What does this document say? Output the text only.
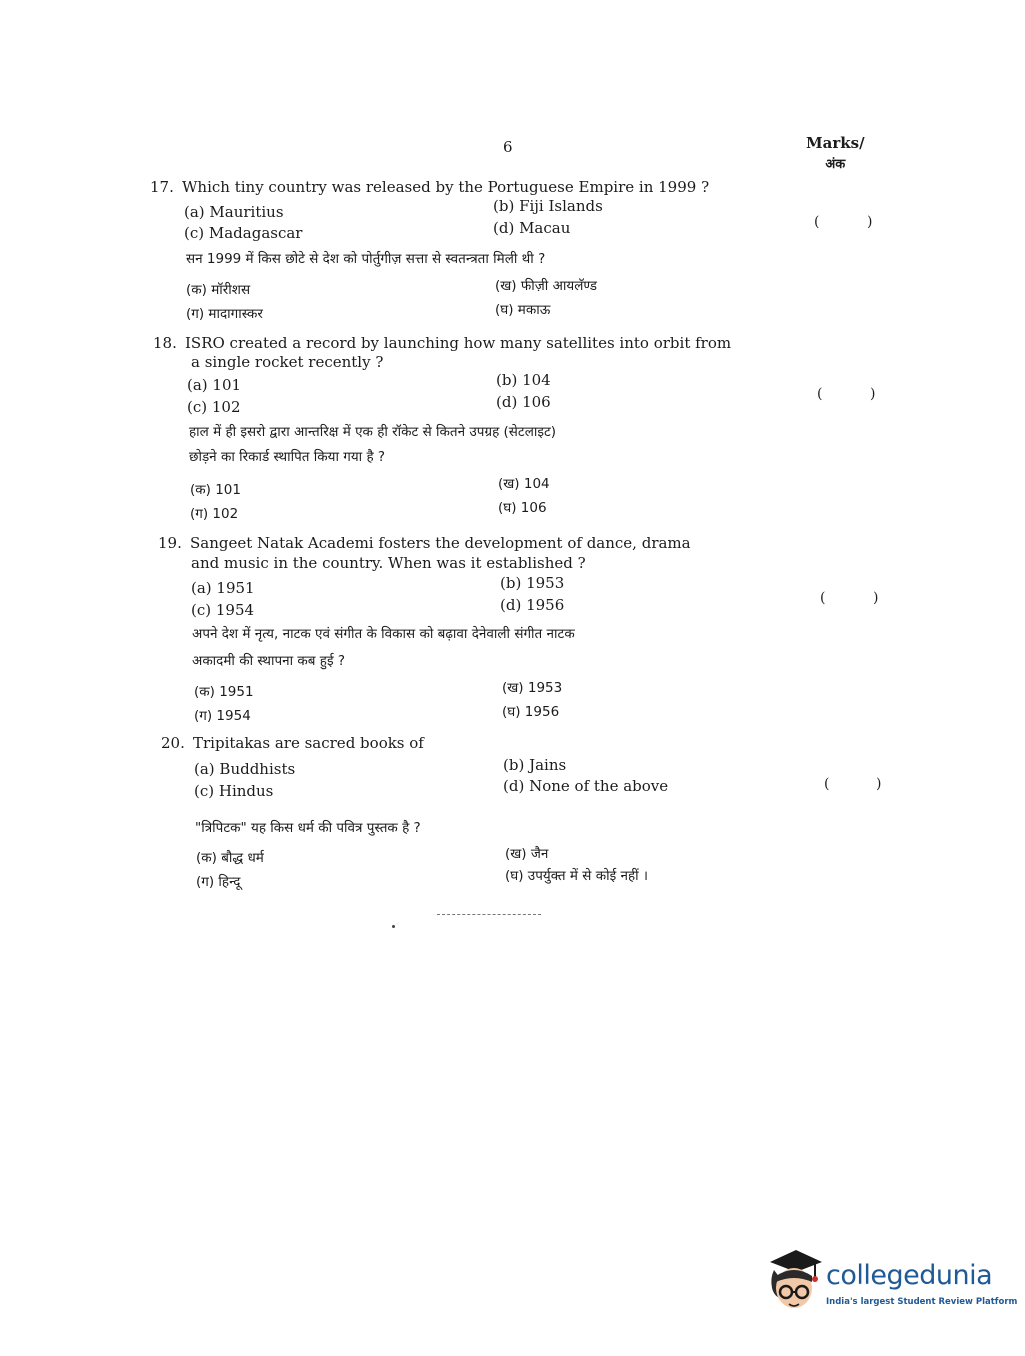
6	Marks/
अंक
17. Which tiny country was released by the Portuguese Empire in 1999 ?
(a) Mauritius	(b) Fiji Islands
(c) Madagascar	(d) Macau
सन 1999 में किस छोटे से देश को पोर्तुगीज़ सत्ता से स्वतन्त्रता मिली थी ?
(क) मॉरीशस	(ख) फीज़ी आयलॅण्ड
(ग) मादागास्कर	(घ) मकाऊ
(	)
18. ISRO created a record by launching how many satellites into orbit from
a single rocket recently ?
(a) 101	(b) 104
(c) 102	(d) 106
हाल में ही इसरो द्वारा आन्तरिक्ष में एक ही रॉकेट से कितने उपग्रह (सेटलाइट)
छोड़ने का रिकार्ड स्थापित किया गया है ?
(क) 101	(ख) 104
(ग) 102	(घ) 106
(	)
19. Sangeet Natak Academi fosters the development of dance, drama
and music in the country. When was it established ?
(a) 1951	(b) 1953
(c) 1954	(d) 1956
अपने देश में नृत्य, नाटक एवं संगीत के विकास को बढ़ावा देनेवाली संगीत नाटक
अकादमी की स्थापना कब हुई ?
(क) 1951	(ख) 1953
(ग) 1954	(घ) 1956
(	)
20. Tripitakas are sacred books of
(a) Buddhists	(b) Jains
(c) Hindus	(d) None of the above
"त्रिपिटक" यह किस धर्म की पवित्र पुस्तक है ?
(क) बौद्ध धर्म	(ख) जैन
(ग) हिन्दू	(घ) उपर्युक्त में से कोई नहीं ।
(	)
collegedunia
India's largest Student Review Platform
